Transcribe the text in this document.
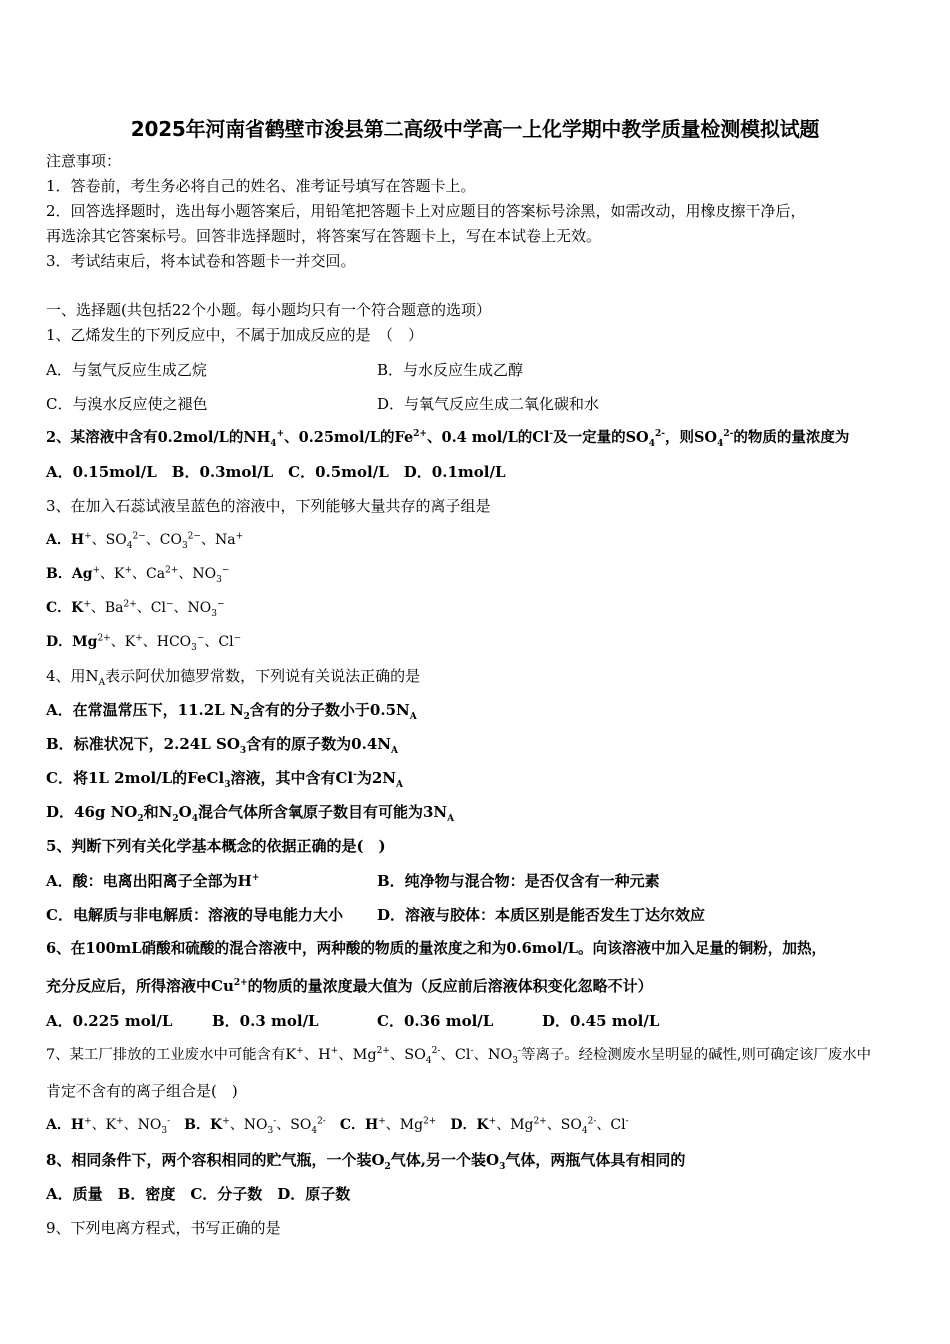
2025年河南省鹤壁市浚县第二高级中学高一上化学期中教学质量检测模拟试题
注意事项：
1．答卷前，考生务必将自己的姓名、准考证号填写在答题卡上。
2．回答选择题时，选出每小题答案后，用铅笔把答题卡上对应题目的答案标号涂黑，如需改动，用橡皮擦干净后，
再选涂其它答案标号。回答非选择题时，将答案写在答题卡上，写在本试卷上无效。
3．考试结束后，将本试卷和答题卡一并交回。
一、选择题(共包括22个小题。每小题均只有一个符合题意的选项）
1、乙烯发生的下列反应中，不属于加成反应的是　（　）
A．与氢气反应生成乙烷	B．与水反应生成乙醇
C．与溴水反应使之褪色	D．与氧气反应生成二氧化碳和水
2、某溶液中含有0.2mol/L的$NH_4^+$、0.25mol/L的$Fe^{2+}$、0.4 mol/L的Cl-及一定量的$SO_4^{2-}$，则$SO_4^{2-}$的物质的量浓度为
A．0.15mol/L　B．0.3mol/L　C．0.5mol/L　D．0.1mol/L
3、在加入石蕊试液呈蓝色的溶液中，下列能够大量共存的离子组是
A．H+、$SO_4^{2-}$、$CO_3^{2-}$、Na+
B．Ag+、K+、$Ca^{2+}$、$NO_3^-$
C．K+、$Ba^{2+}$、Cl−、$NO_3^-$
D．$Mg^{2+}$、K+、$HCO_3^-$、Cl−
4、用$N_A$表示阿伏加德罗常数，下列说有关说法正确的是
A．在常温常压下，11.2L $N_2$含有的分子数小于$0.5N_A$
B．标准状况下，2.24L $SO_3$含有的原子数为$0.4N_A$
C．将1L 2mol/L的FeCl$_3$溶液，其中含有Cl-为$2N_A$
D．46g $NO_2$和$N_2O_4$混合气体所含氧原子数目有可能为$3N_A$
5、判断下列有关化学基本概念的依据正确的是(　)
A．酸：电离出阳离子全部为H+	B．纯净物与混合物：是否仅含有一种元素
C．电解质与非电解质：溶液的导电能力大小 D．溶液与胶体：本质区别是能否发生丁达尔效应
6、在100mL硝酸和硫酸的混合溶液中，两种酸的物质的量浓度之和为0.6mol/L。向该溶液中加入足量的铜粉，加热，
充分反应后，所得溶液中$Cu^{2+}$的物质的量浓度最大值为（反应前后溶液体积变化忽略不计）
A．0.225 mol/L	B．0.3 mol/L	C．0.36 mol/L	D．0.45 mol/L
7、某工厂排放的工业废水中可能含有K+、H+、$Mg^{2+}$、$SO_4^{2-}$、Cl-、$NO_3^-$等离子。经检测废水呈明显的碱性,则可确定该厂废水中
肯定不含有的离子组合是(　)
A．H+、K+、$NO_3^-$　B．K+、$NO_3^-$、$SO_4^{2-}$　C．H+、$Mg^{2+}$　D．K+、$Mg^{2+}$、$SO_4^{2-}$、Cl-
8、相同条件下，两个容积相同的贮气瓶，一个装$O_2$气体,另一个装$O_3$气体，两瓶气体具有相同的
A．质量　B．密度　C．分子数　D．原子数
9、下列电离方程式，书写正确的是
